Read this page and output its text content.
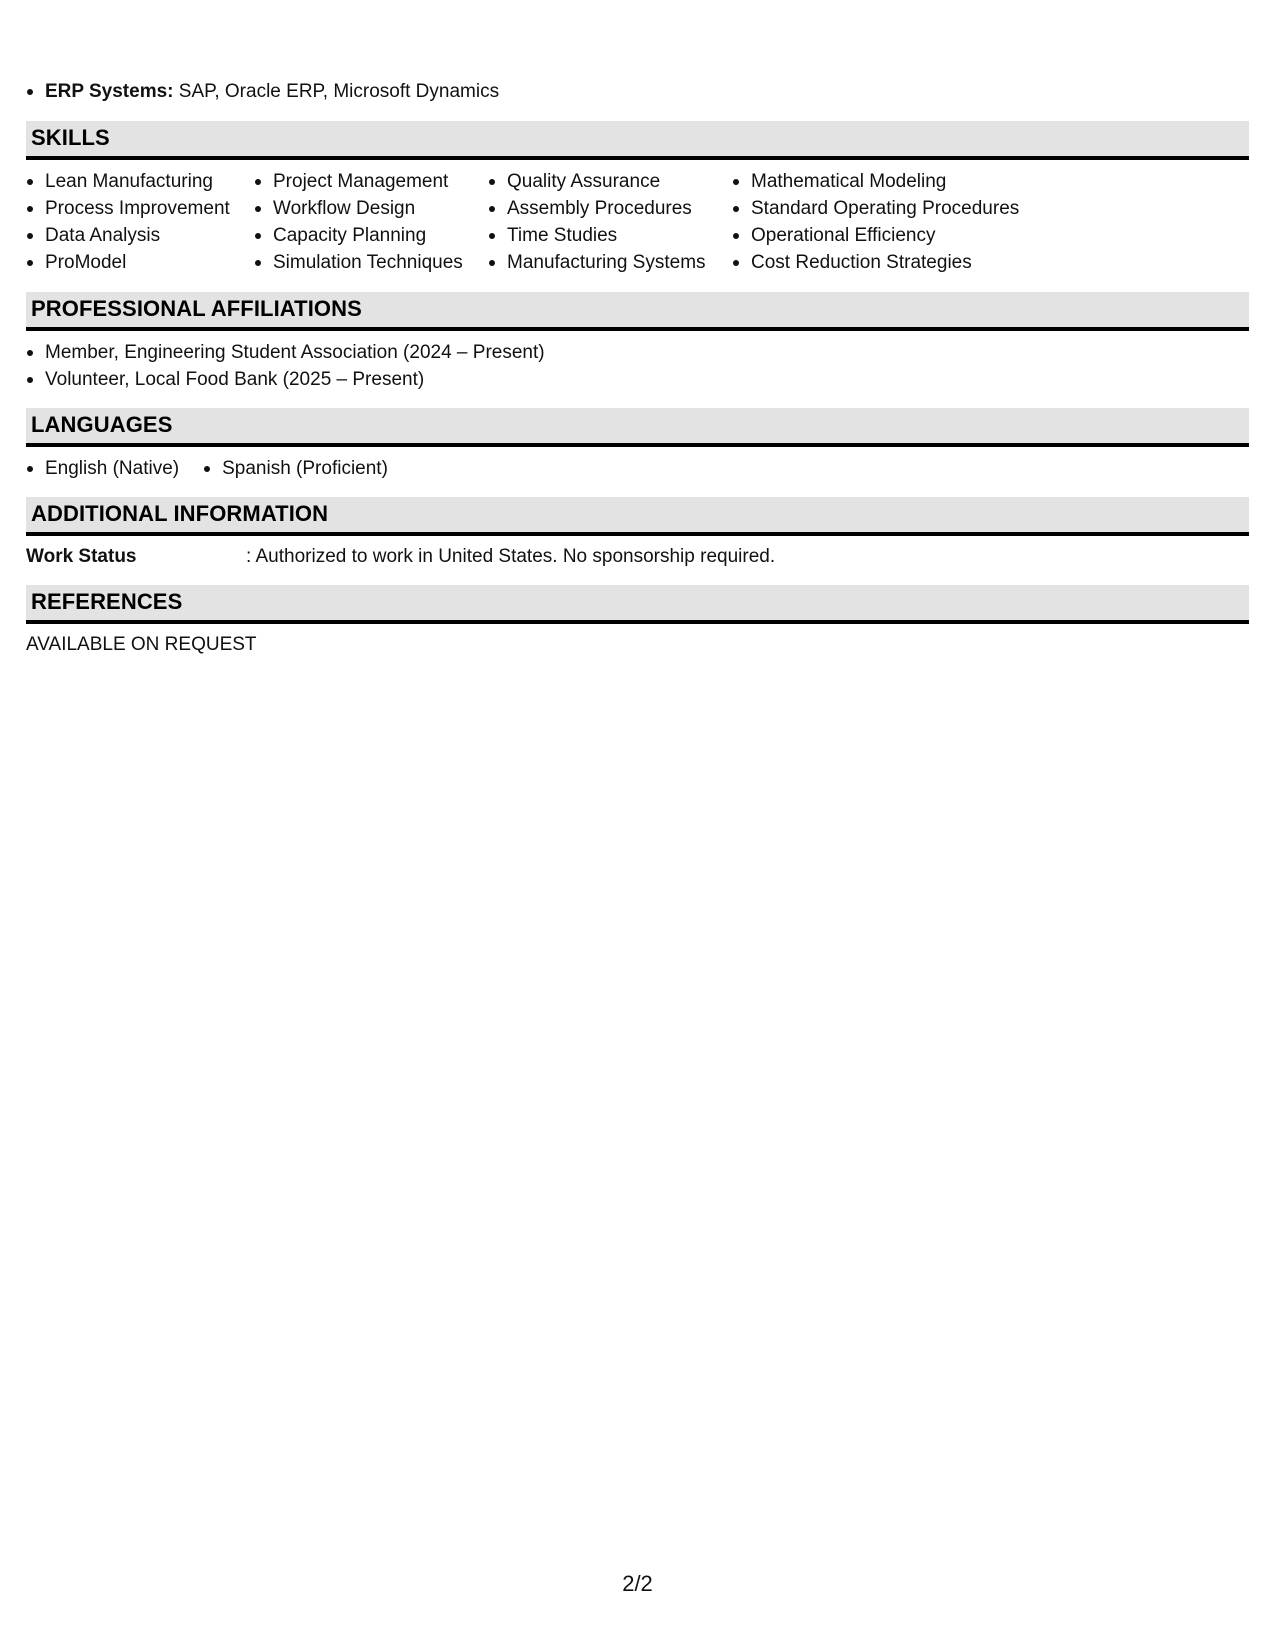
ERP Systems: SAP, Oracle ERP, Microsoft Dynamics
SKILLS
Lean Manufacturing
Process Improvement
Data Analysis
ProModel
Project Management
Workflow Design
Capacity Planning
Simulation Techniques
Quality Assurance
Assembly Procedures
Time Studies
Manufacturing Systems
Mathematical Modeling
Standard Operating Procedures
Operational Efficiency
Cost Reduction Strategies
PROFESSIONAL AFFILIATIONS
Member, Engineering Student Association (2024 – Present)
Volunteer, Local Food Bank (2025 – Present)
LANGUAGES
English (Native)	Spanish (Proficient)
ADDITIONAL INFORMATION
Work Status	: Authorized to work in United States. No sponsorship required.
REFERENCES
AVAILABLE ON REQUEST
2/2
